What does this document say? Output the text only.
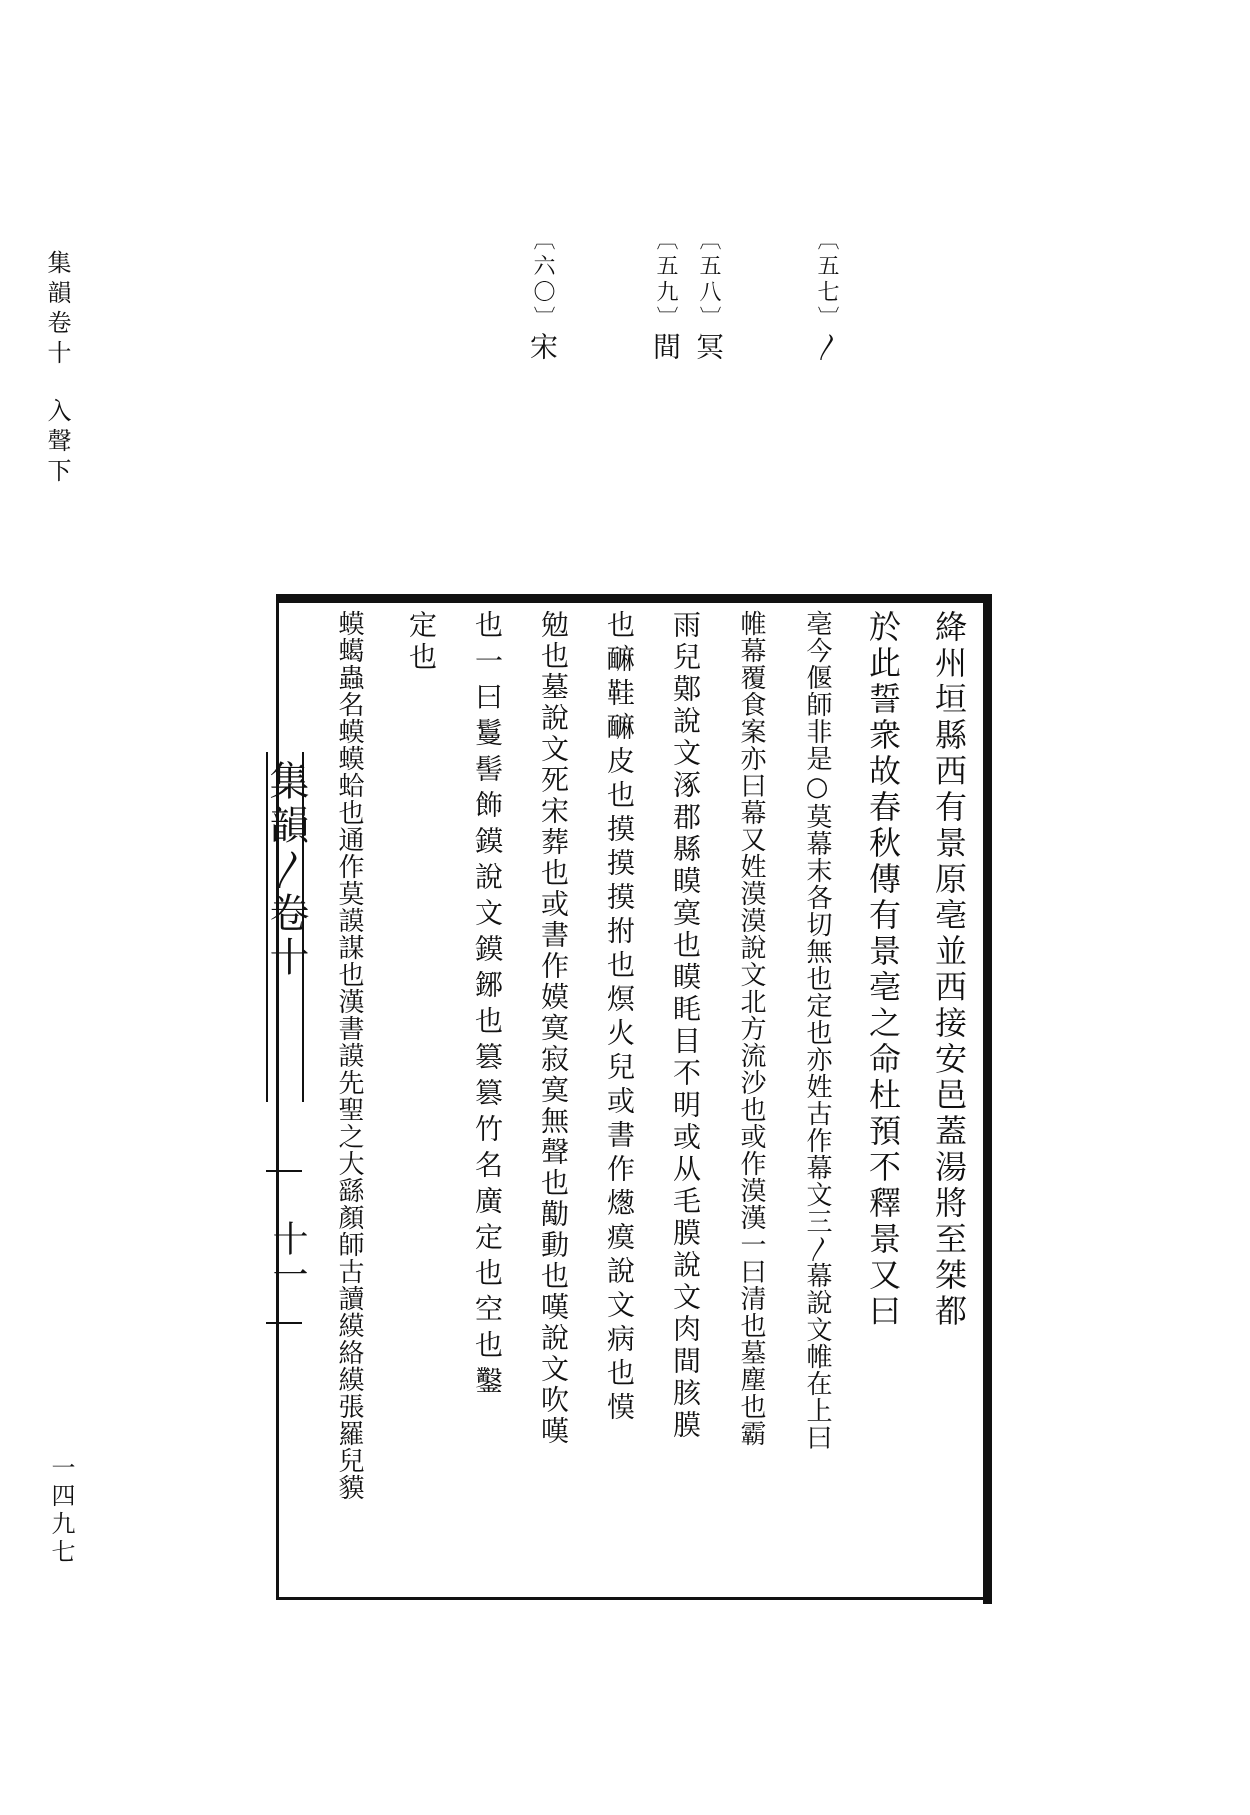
集韻卷十入聲下
一四九七
〔五七〕〳
〔五八〕冥
〔五九〕間
〔六〇〕宋
絳州垣縣西有景原亳並西接安邑蓋湯將至桀都
於此誓衆故春秋傳有景亳之命杜預不釋景又曰
亳今偃師非是○莫幕末各切無也定也亦姓古作幕文三〳幕說文帷在上曰
帷幕覆食案亦曰幕又姓漠漠說文北方流沙也或作漠漢一曰清也墓塵也霸
雨兒鄚說文涿郡縣瞙寞也瞙眊目不明或从毛膜說文肉間胲膜
也䩋鞋䩋皮也摸摸摸拊也熐火兒或書作燪瘼說文病也慔
勉也墓說文死宋葬也或書作嫫寞寂寞無聲也勱動也嘆說文吹嘆
也一曰鬘髻飾鏌說文鏌鋣也篡篡竹名廣定也空也鑿
定也
蟆䗶蟲名蟆蟆蛤也通作莫謨謀也漢書謨先聖之大繇顏師古讀縸絡縸張羅兒貘
集韻〳卷十
十一
